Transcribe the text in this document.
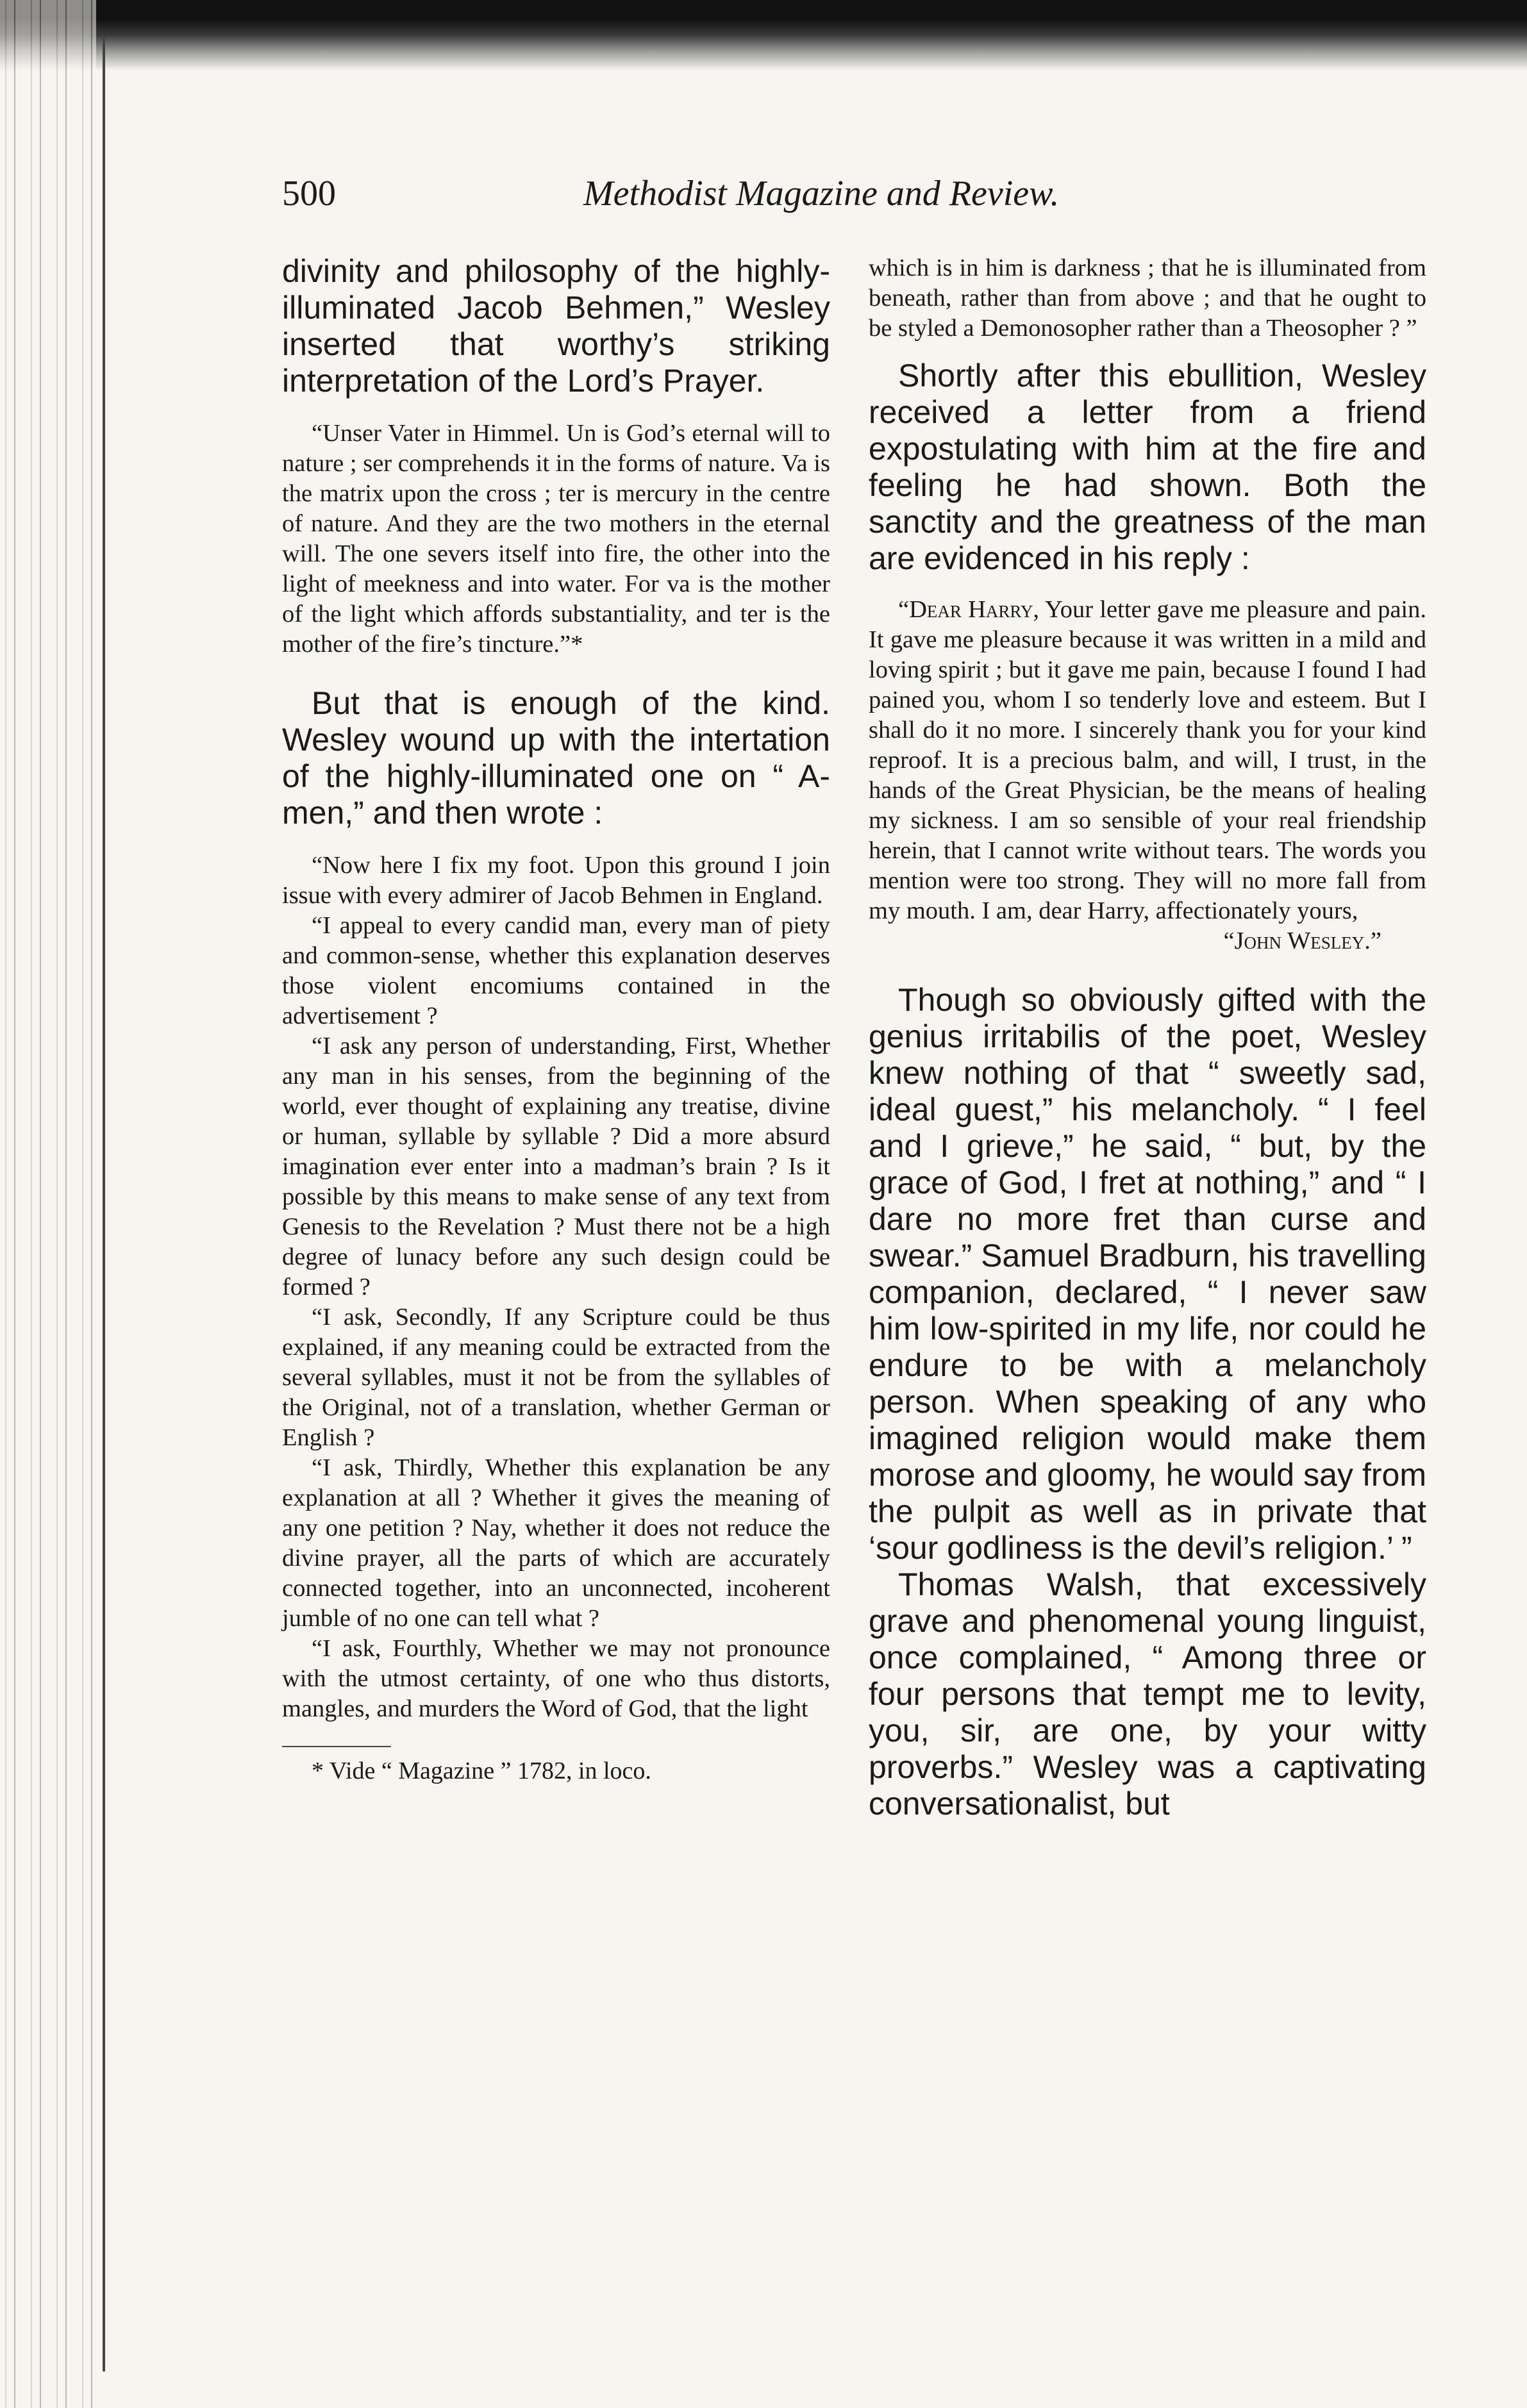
500	Methodist Magazine and Review.

divinity and philosophy of the highly-illuminated Jacob Behmen,” Wesley inserted that worthy’s striking interpretation of the Lord’s Prayer.

“Unser Vater in Himmel. Un is God’s eternal will to nature ; ser comprehends it in the forms of nature. Va is the matrix upon the cross ; ter is mercury in the centre of nature. And they are the two mothers in the eternal will. The one severs itself into fire, the other into the light of meekness and into water. For va is the mother of the light which affords substantiality, and ter is the mother of the fire’s tincture.”*

But that is enough of the kind. Wesley wound up with the intertation of the highly-illuminated one on “ A-men,” and then wrote :

“Now here I fix my foot. Upon this ground I join issue with every admirer of Jacob Behmen in England.

“I appeal to every candid man, every man of piety and common-sense, whether this explanation deserves those violent encomiums contained in the advertisement ?

“I ask any person of understanding, First, Whether any man in his senses, from the beginning of the world, ever thought of explaining any treatise, divine or human, syllable by syllable ? Did a more absurd imagination ever enter into a madman’s brain ? Is it possible by this means to make sense of any text from Genesis to the Revelation ? Must there not be a high degree of lunacy before any such design could be formed ?

“I ask, Secondly, If any Scripture could be thus explained, if any meaning could be extracted from the several syllables, must it not be from the syllables of the Original, not of a translation, whether German or English ?

“I ask, Thirdly, Whether this explanation be any explanation at all ? Whether it gives the meaning of any one petition ? Nay, whether it does not reduce the divine prayer, all the parts of which are accurately connected together, into an unconnected, incoherent jumble of no one can tell what ?

“I ask, Fourthly, Whether we may not pronounce with the utmost certainty, of one who thus distorts, mangles, and murders the Word of God, that the light

* Vide “ Magazine ” 1782, in loco.

which is in him is darkness ; that he is illuminated from beneath, rather than from above ; and that he ought to be styled a Demonosopher rather than a Theosopher ? ”

Shortly after this ebullition, Wesley received a letter from a friend expostulating with him at the fire and feeling he had shown. Both the sanctity and the greatness of the man are evidenced in his reply :

“Dear Harry, Your letter gave me pleasure and pain. It gave me pleasure because it was written in a mild and loving spirit ; but it gave me pain, because I found I had pained you, whom I so tenderly love and esteem. But I shall do it no more. I sincerely thank you for your kind reproof. It is a precious balm, and will, I trust, in the hands of the Great Physician, be the means of healing my sickness. I am so sensible of your real friendship herein, that I cannot write without tears. The words you mention were too strong. They will no more fall from my mouth. I am, dear Harry, affectionately yours,

“John Wesley.”

Though so obviously gifted with the genius irritabilis of the poet, Wesley knew nothing of that “ sweetly sad, ideal guest,” his melancholy. “ I feel and I grieve,” he said, “ but, by the grace of God, I fret at nothing,” and “ I dare no more fret than curse and swear.” Samuel Bradburn, his travelling companion, declared, “ I never saw him low-spirited in my life, nor could he endure to be with a melancholy person. When speaking of any who imagined religion would make them morose and gloomy, he would say from the pulpit as well as in private that ‘sour godliness is the devil’s religion.’ ”

Thomas Walsh, that excessively grave and phenomenal young linguist, once complained, “ Among three or four persons that tempt me to levity, you, sir, are one, by your witty proverbs.” Wesley was a captivating conversationalist, but
